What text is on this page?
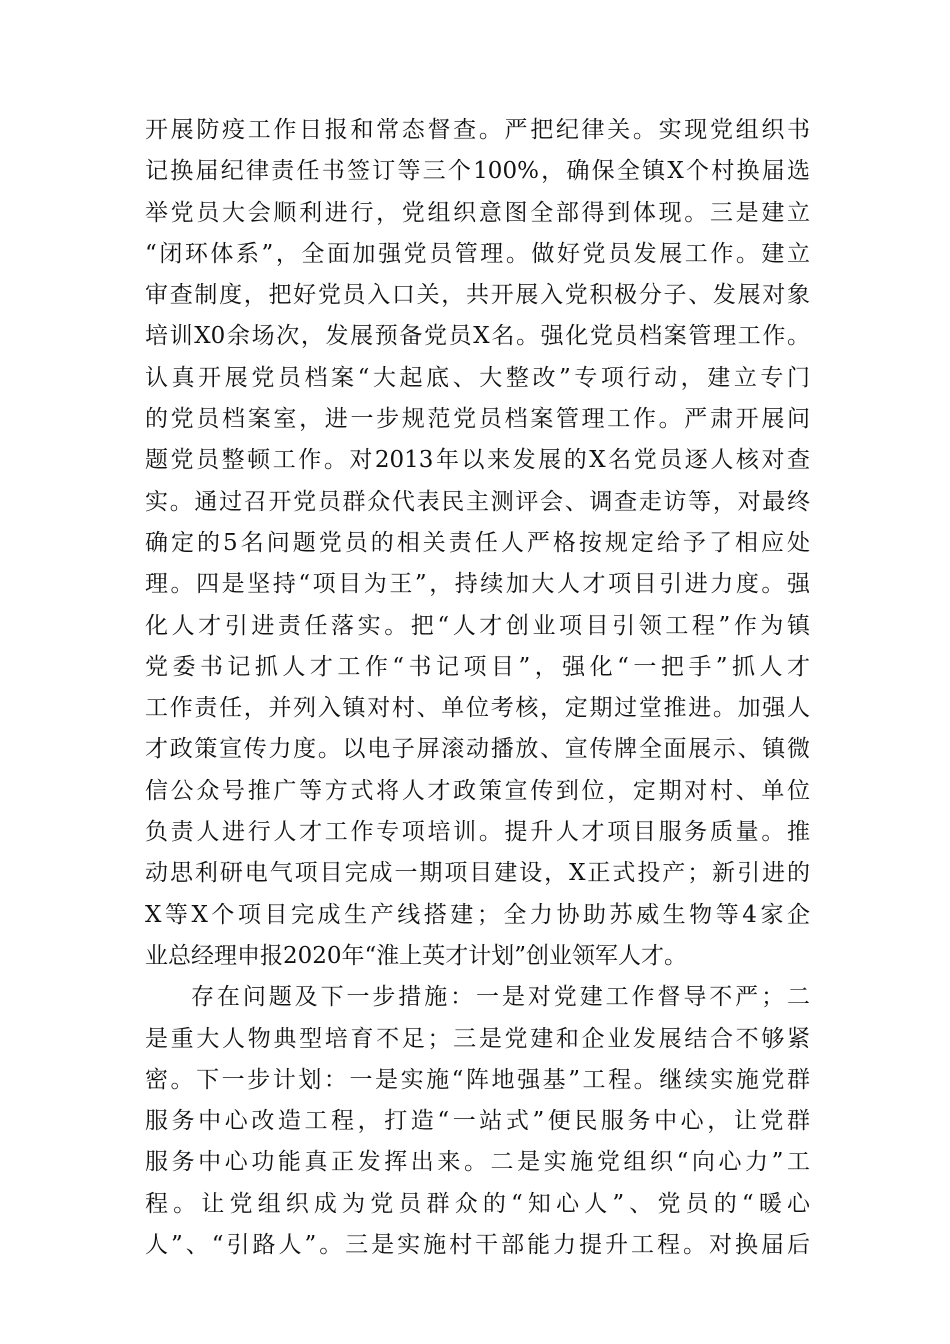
开展防疫工作日报和常态督查。严把纪律关。实现党组织书
记换届纪律责任书签订等三个100%，确保全镇X个村换届选
举党员大会顺利进行，党组织意图全部得到体现。三是建立
“闭环体系”，全面加强党员管理。做好党员发展工作。建立
审查制度，把好党员入口关，共开展入党积极分子、发展对象
培训X0余场次，发展预备党员X名。强化党员档案管理工作。
认真开展党员档案“大起底、大整改”专项行动，建立专门
的党员档案室，进一步规范党员档案管理工作。严肃开展问
题党员整顿工作。对2013年以来发展的X名党员逐人核对查
实。通过召开党员群众代表民主测评会、调查走访等，对最终
确定的5名问题党员的相关责任人严格按规定给予了相应处
理。四是坚持“项目为王”，持续加大人才项目引进力度。强
化人才引进责任落实。把“人才创业项目引领工程”作为镇
党委书记抓人才工作“书记项目”，强化“一把手”抓人才
工作责任，并列入镇对村、单位考核，定期过堂推进。加强人
才政策宣传力度。以电子屏滚动播放、宣传牌全面展示、镇微
信公众号推广等方式将人才政策宣传到位，定期对村、单位
负责人进行人才工作专项培训。提升人才项目服务质量。推
动思利研电气项目完成一期项目建设，X正式投产；新引进的
X等X个项目完成生产线搭建；全力协助苏威生物等4家企
业总经理申报2020年“淮上英才计划”创业领军人才。
存在问题及下一步措施：一是对党建工作督导不严；二
是重大人物典型培育不足；三是党建和企业发展结合不够紧
密。下一步计划：一是实施“阵地强基”工程。继续实施党群
服务中心改造工程，打造“一站式”便民服务中心，让党群
服务中心功能真正发挥出来。二是实施党组织“向心力”工
程。让党组织成为党员群众的“知心人”、党员的“暖心
人”、“引路人”。三是实施村干部能力提升工程。对换届后
